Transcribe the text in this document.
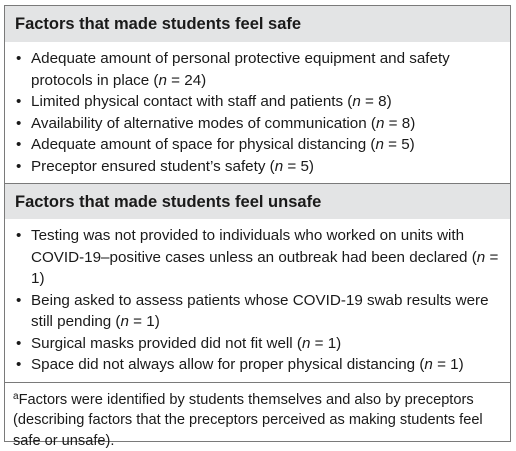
Factors that made students feel safe
• Adequate amount of personal protective equipment and safety protocols in place (n = 24)
• Limited physical contact with staff and patients (n = 8)
• Availability of alternative modes of communication (n = 8)
• Adequate amount of space for physical distancing (n = 5)
• Preceptor ensured student’s safety (n = 5)
Factors that made students feel unsafe
• Testing was not provided to individuals who worked on units with COVID-19–positive cases unless an outbreak had been declared (n = 1)
• Being asked to assess patients whose COVID-19 swab results were still pending (n = 1)
• Surgical masks provided did not fit well (n = 1)
• Space did not always allow for proper physical distancing (n = 1)
$^a$Factors were identified by students themselves and also by preceptors (describing factors that the preceptors perceived as making students feel safe or unsafe).
